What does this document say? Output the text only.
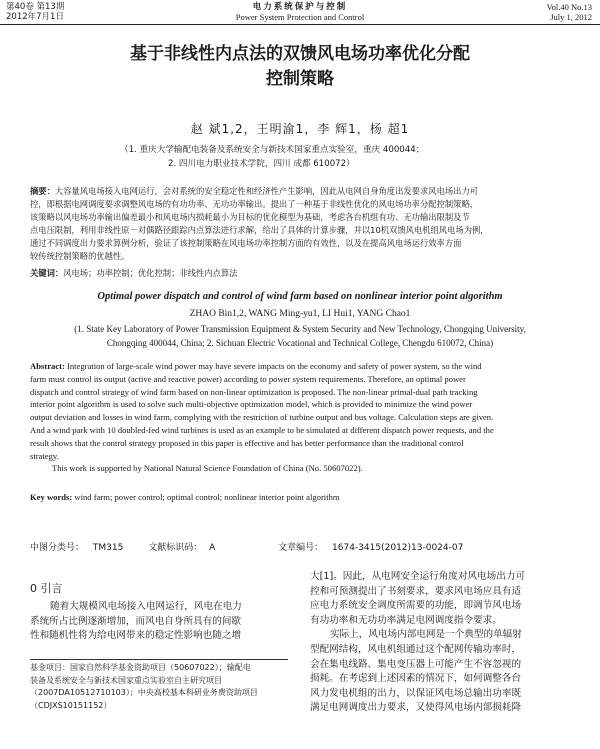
第40卷 第13期
2012年7月1日
电力系统保护与控制
Power System Protection and Control
Vol.40 No.13
July 1, 2012
基于非线性内点法的双馈风电场功率优化分配
控制策略
赵 斌1,2，王明渝1，李 辉1，杨 超1
（1. 重庆大学输配电装备及系统安全与新技术国家重点实验室，重庆 400044；
2. 四川电力职业技术学院，四川 成都 610072）
摘要：大容量风电场接入电网运行，会对系统的安全稳定性和经济性产生影响，因此从电网自身角度出发要求风电场出力可
控，即根据电网调度要求调整风电场的有功功率、无功功率输出。提出了一种基于非线性优化的风电场功率分配控制策略，
该策略以风电场功率输出偏差最小和风电场内损耗最小为目标的优化模型为基础，考虑各台机组有功、无功输出限制及节
点电压限制，利用非线性原－对偶路径跟踪内点算法进行求解，给出了具体的计算步骤，并以10机双馈风电机组风电场为例，
通过不同调度出力要求算例分析，验证了该控制策略在风电场功率控制方面的有效性，以及在提高风电场运行效率方面
较传统控制策略的优越性。
关键词：风电场；功率控制；优化控制；非线性内点算法
Optimal power dispatch and control of wind farm based on nonlinear interior point algorithm
ZHAO Bin1,2, WANG Ming-yu1, LI Hui1, YANG Chao1
(1. State Key Laboratory of Power Transmission Equipment & System Security and New Technology, Chongqing University,
Chongqing 400044, China; 2. Sichuan Electric Vocational and Technical College, Chengdu 610072, China)
Abstract: Integration of large-scale wind power may have severe impacts on the economy and safety of power system, so the wind
farm must control its output (active and reactive power) according to power system requirements. Therefore, an optimal power
dispatch and control strategy of wind farm based on non-linear optimization is proposed. The non-linear primal-dual path tracking
interior point algorithm is used to solve such multi-objective optimization model, which is provided to minimize the wind power
output deviation and losses in wind farm, complying with the restriction of turbine output and bus voltage. Calculation steps are given.
And a wind park with 10 doubled-fed wind turbines is used as an example to be simulated at different dispatch power requests, and the
result shows that the control strategy proposed in this paper is effective and has better performance than the traditional control
strategy.
This work is supported by National Natural Science Foundation of China (No. 50607022).
Key words: wind farm; power control; optimal control; nonlinear interior point algorithm
中图分类号： TM315	文献标识码： A	文章编号： 1674-3415(2012)13-0024-07
0 引言
随着大规模风电场接入电网运行，风电在电力
系统所占比例逐渐增加，而风电自身所具有的间歇
性和随机性将为给电网带来的稳定性影响也随之增
基金项目：国家自然科学基金资助项目（50607022）；输配电
装备及系统安全与新技术国家重点实验室自主研究项目
（2007DA10512710103）；中央高校基本科研业务费资助项目
（CDJXS10151152）
大[1]。因此，从电网安全运行角度对风电场出力可
控和可预测提出了书刻要求，要求风电场应具有适
应电力系统安全调度所需要的功能，即调节风电场
有功功率和无功功率满足电网调度指令要求。
实际上，风电场内部电网是一个典型的单辐射
型配网结构，风电机组通过这个配网传输功率时，
会在集电线路、集电变压器上可能产生不容忽视的
损耗。在考虑到上述因素的情况下，如何调整各台
风力发电机组的出力，以保证风电场总输出功率既
满足电网调度出力要求，又使得风电场内部损耗降
